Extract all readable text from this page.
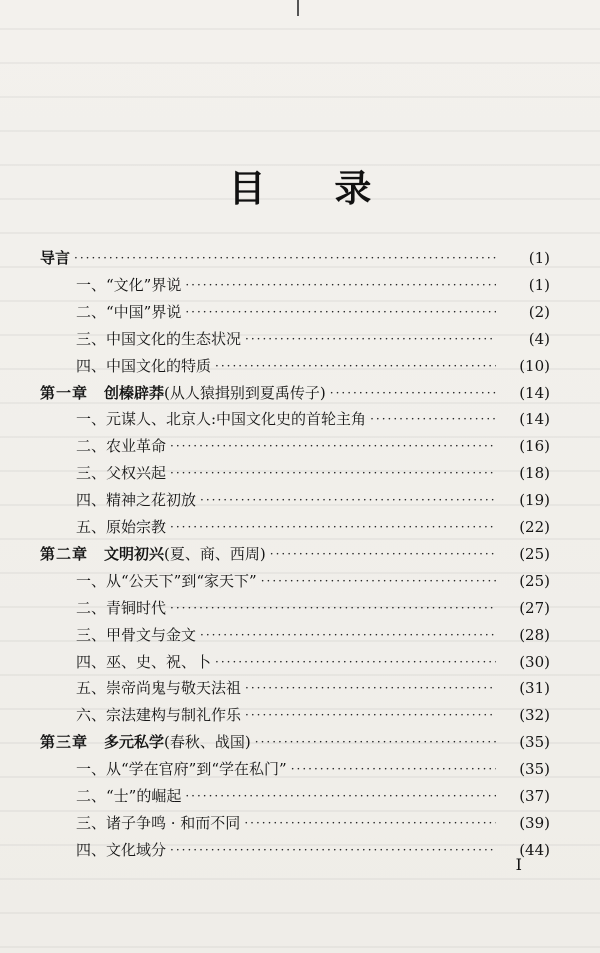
目 录
导言 ·····	(1)
一、“文化”界说 ·····	(1)
二、“中国”界说 ·····	(2)
三、中国文化的生态状况 ·····	(4)
四、中国文化的特质 ·····	(10)
第一章 创榛辟莽(从人猿揖别到夏禹传子) ·····	(14)
一、元谋人、北京人:中国文化史的首轮主角 ·····	(14)
二、农业革命 ·····	(16)
三、父权兴起 ·····	(18)
四、精神之花初放 ·····	(19)
五、原始宗教 ·····	(22)
第二章 文明初兴(夏、商、西周) ·····	(25)
一、从“公天下”到“家天下” ·····	(25)
二、青铜时代 ·····	(27)
三、甲骨文与金文 ·····	(28)
四、巫、史、祝、卜 ·····	(30)
五、崇帝尚鬼与敬天法祖 ·····	(31)
六、宗法建构与制礼作乐 ·····	(32)
第三章 多元私学(春秋、战国) ·····	(35)
一、从“学在官府”到“学在私门” ·····	(35)
二、“士”的崛起 ·····	(37)
三、诸子争鸣 · 和而不同 ·····	(39)
四、文化域分 ·····	(44)
I
